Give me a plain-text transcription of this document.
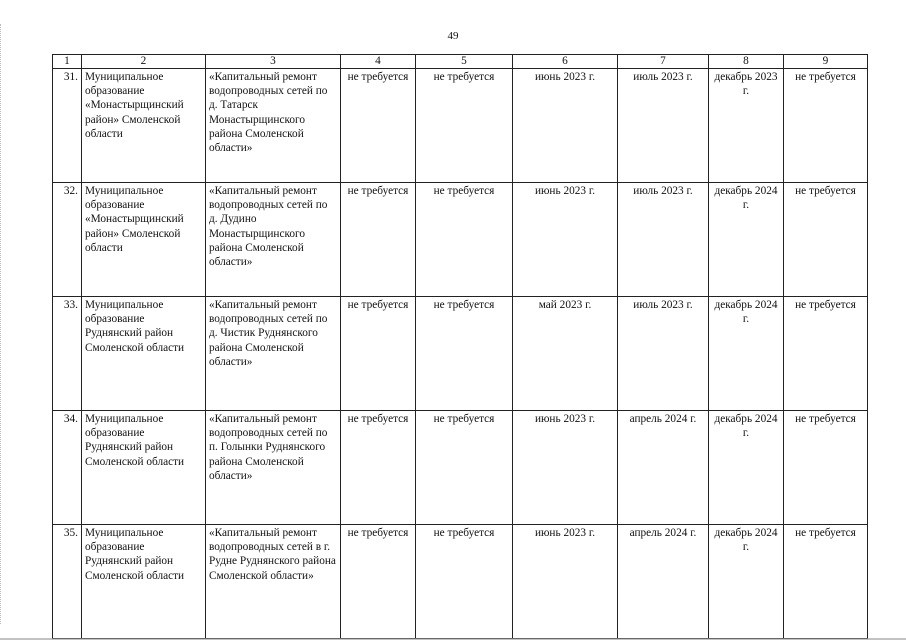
49
1	2	3	4	5	6	7	8	9
31.	Муниципальное образование «Монастырщинский район» Смоленской области	«Капитальный ремонт водопроводных сетей по д. Татарск Монастырщинского района Смоленской области»	не требуется	не требуется	июнь 2023 г.	июль 2023 г.	декабрь 2023 г.	не требуется
32.	Муниципальное образование «Монастырщинский район» Смоленской области	«Капитальный ремонт водопроводных сетей по д. Дудино Монастырщинского района Смоленской области»	не требуется	не требуется	июнь 2023 г.	июль 2023 г.	декабрь 2024 г.	не требуется
33.	Муниципальное образование Руднянский район Смоленской области	«Капитальный ремонт водопроводных сетей по д. Чистик Руднянского района Смоленской области»	не требуется	не требуется	май 2023 г.	июль 2023 г.	декабрь 2024 г.	не требуется
34.	Муниципальное образование Руднянский район Смоленской области	«Капитальный ремонт водопроводных сетей по п. Голынки Руднянского района Смоленской области»	не требуется	не требуется	июнь 2023 г.	апрель 2024 г.	декабрь 2024 г.	не требуется
35.	Муниципальное образование Руднянский район Смоленской области	«Капитальный ремонт водопроводных сетей в г. Рудне Руднянского района Смоленской области»	не требуется	не требуется	июнь 2023 г.	апрель 2024 г.	декабрь 2024 г.	не требуется
